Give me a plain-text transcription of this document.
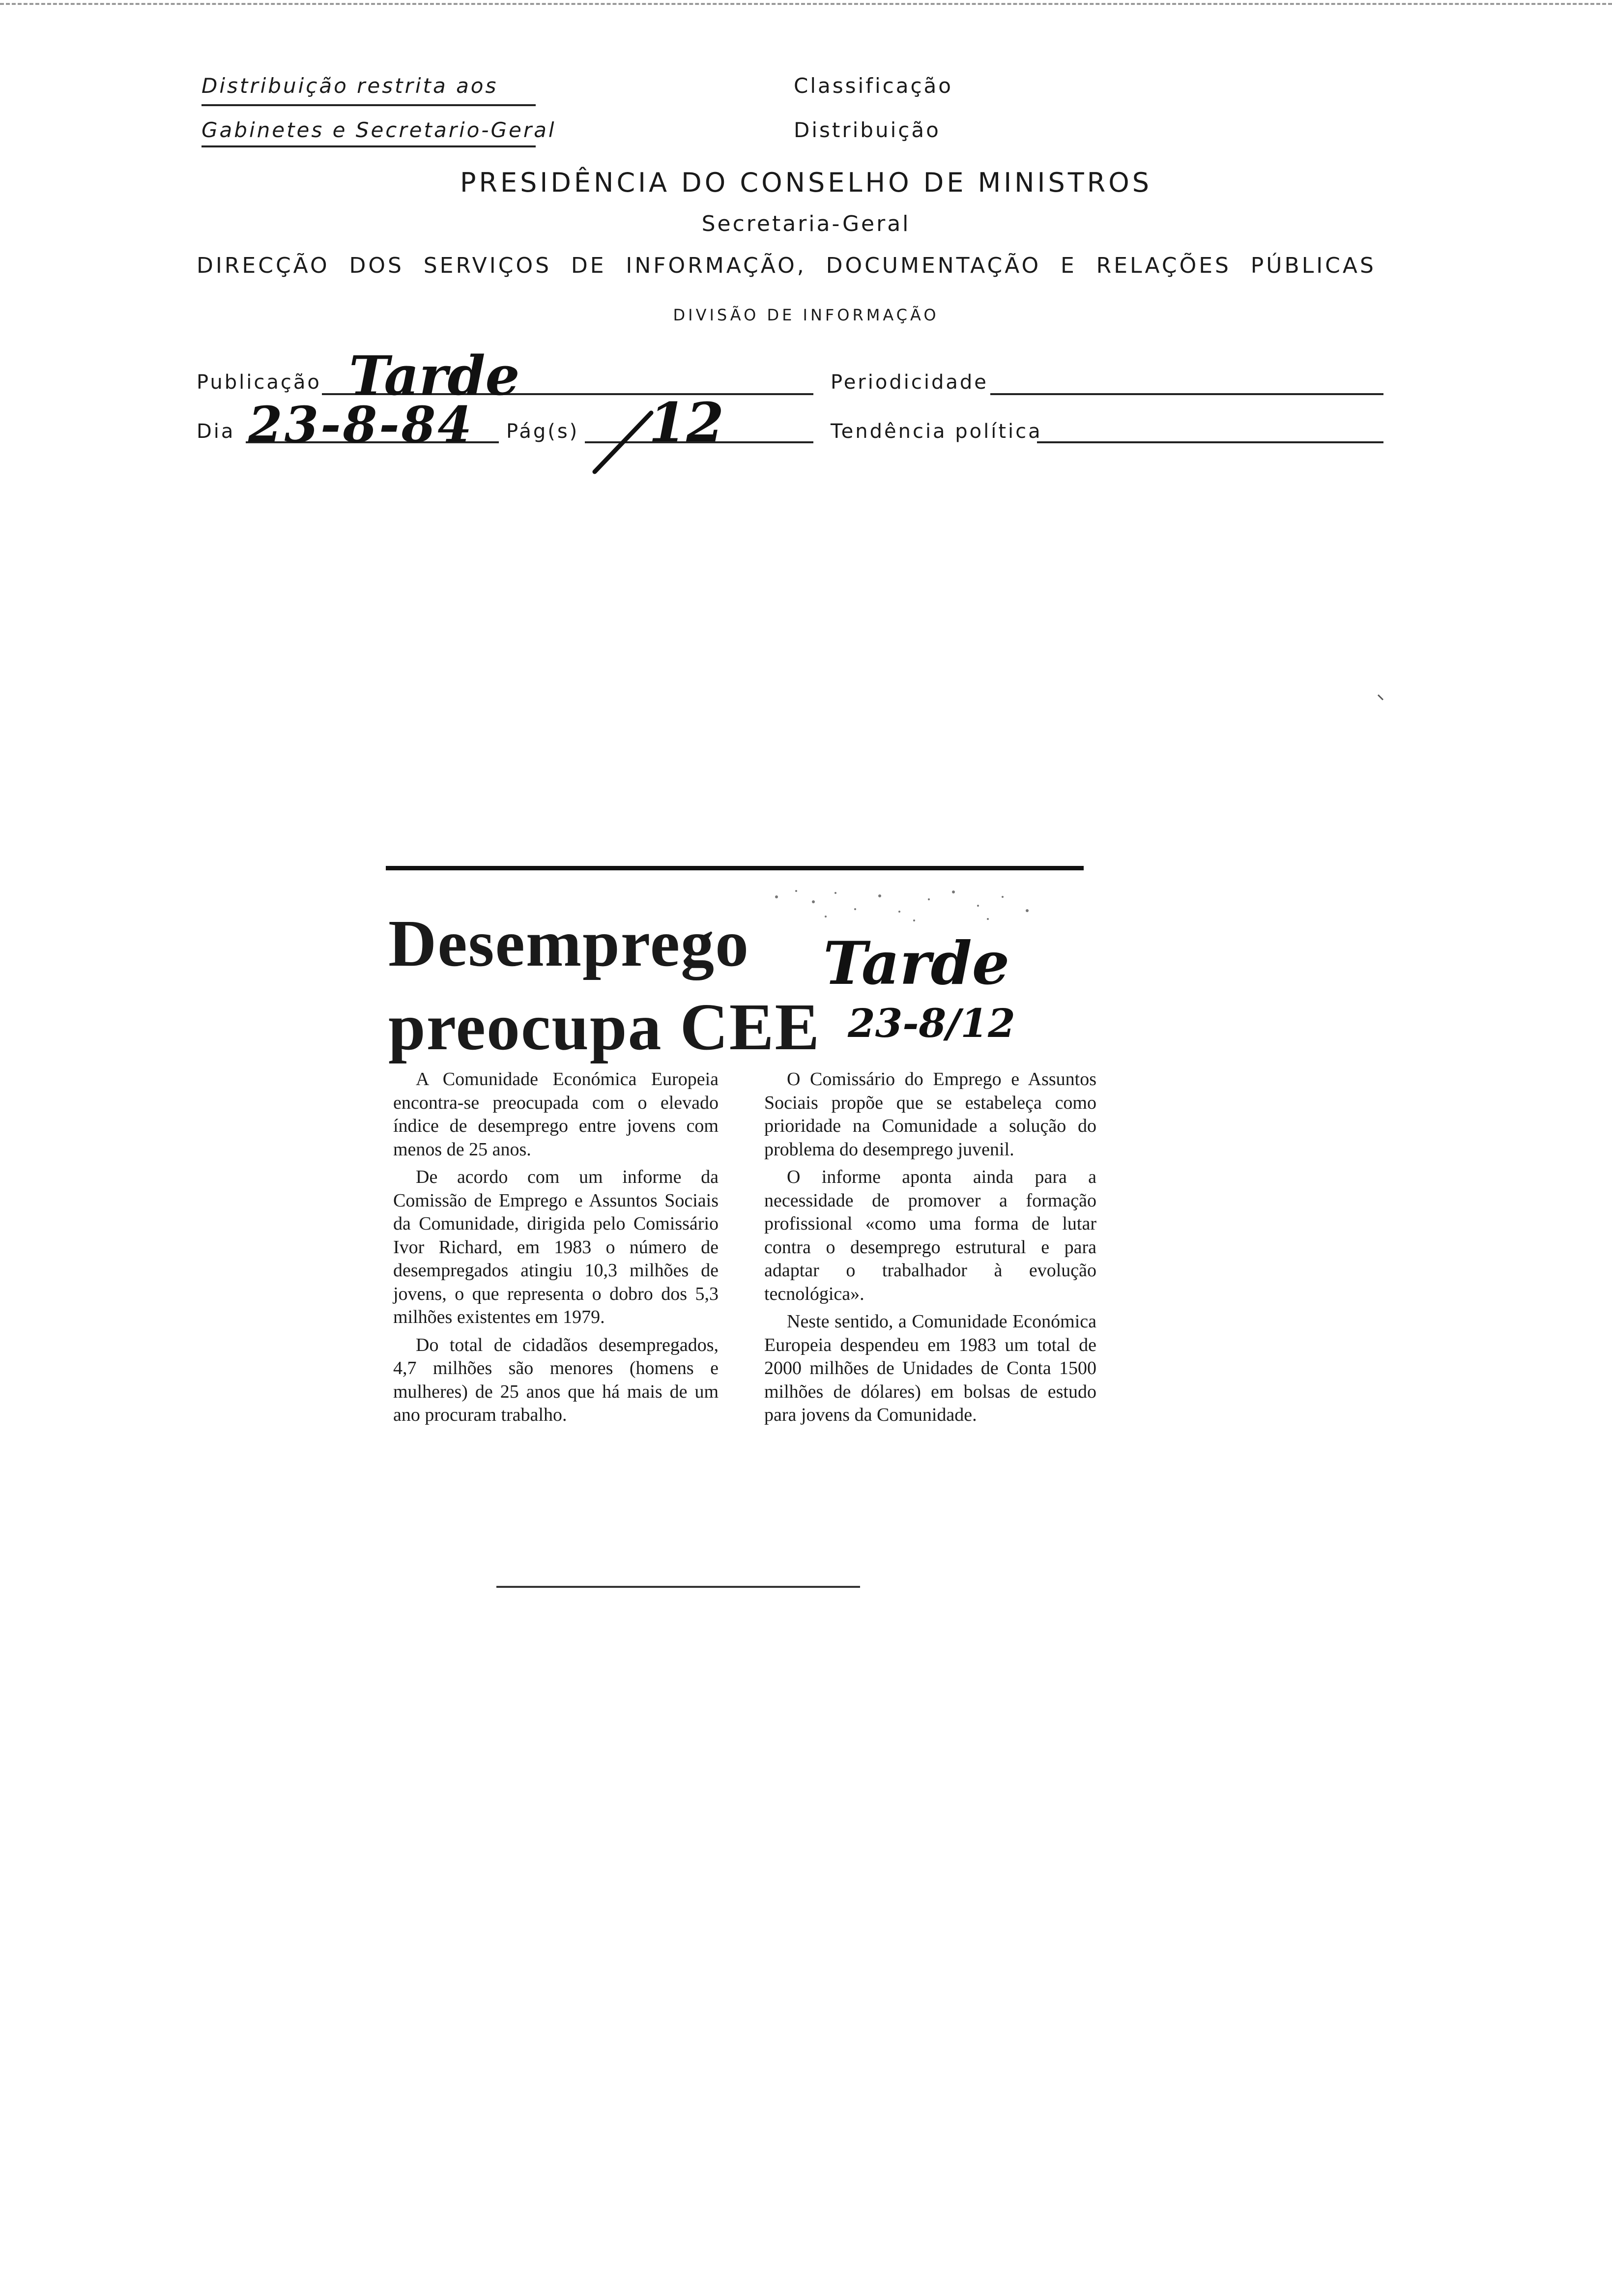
Distribuição restrita aos
Gabinetes e Secretario-Geral
Classificação
Distribuição
PRESIDÊNCIA DO CONSELHO DE MINISTROS
Secretaria-Geral
DIRECÇÃO DOS SERVIÇOS DE INFORMAÇÃO, DOCUMENTAÇÃO E RELAÇÕES PÚBLICAS
DIVISÃO DE INFORMAÇÃO
Publicação Tarde	Periodicidade
Dia 23-8-84 Pág(s) 12	Tendência política
Desemprego
preocupa CEE
Tarde
23-8/12

A Comunidade Económica Europeia encontra-se preocupada com o elevado índice de desemprego entre jovens com menos de 25 anos.

De acordo com um informe da Comissão de Emprego e Assuntos Sociais da Comunidade, dirigida pelo Comissário Ivor Richard, em 1983 o número de desempregados atingiu 10,3 milhões de jovens, o que representa o dobro dos 5,3 milhões existentes em 1979.

Do total de cidadãos desempregados, 4,7 milhões são menores (homens e mulheres) de 25 anos que há mais de um ano procuram trabalho.

O Comissário do Emprego e Assuntos Sociais propõe que se estabeleça como prioridade na Comunidade a solução do problema do desemprego juvenil.

O informe aponta ainda para a necessidade de promover a formação profissional «como uma forma de lutar contra o desemprego estrutural e para adaptar o trabalhador à evolução tecnológica».

Neste sentido, a Comunidade Económica Europeia despendeu em 1983 um total de 2000 milhões de Unidades de Conta 1500 milhões de dólares) em bolsas de estudo para jovens da Comunidade.
